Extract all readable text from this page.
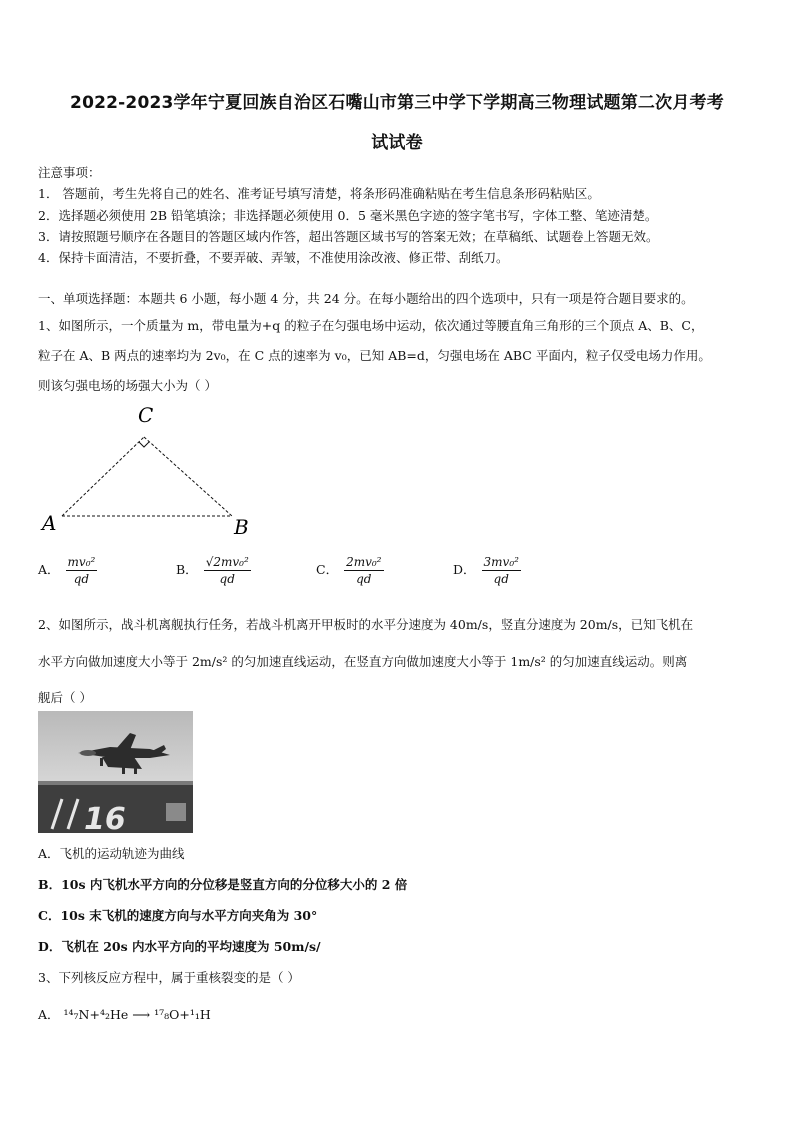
2022-2023学年宁夏回族自治区石嘴山市第三中学下学期高三物理试题第二次月考考
试试卷
注意事项：
1． 答题前，考生先将自己的姓名、准考证号填写清楚，将条形码准确粘贴在考生信息条形码粘贴区。
2．选择题必须使用 2B 铅笔填涂；非选择题必须使用 0．5 毫米黑色字迹的签字笔书写，字体工整、笔迹清楚。
3．请按照题号顺序在各题目的答题区域内作答，超出答题区域书写的答案无效；在草稿纸、试题卷上答题无效。
4．保持卡面清洁，不要折叠，不要弄破、弄皱，不准使用涂改液、修正带、刮纸刀。
一、单项选择题：本题共 6 小题，每小题 4 分，共 24 分。在每小题给出的四个选项中，只有一项是符合题目要求的。
1、如图所示，一个质量为 m，带电量为+q 的粒子在匀强电场中运动，依次通过等腰直角三角形的三个顶点 A、B、C，
粒子在 A、B 两点的速率均为 2v₀，在 C 点的速率为 v₀，已知 AB=d，匀强电场在 ABC 平面内，粒子仅受电场力作用。
则该匀强电场的场强大小为（ ）
C
A	B
A． $\frac{\text{mv₀²}}{qd}$	B． $\frac{\text{√2mv₀²}}{qd}$	C． $\frac{\text{2mv₀²}}{qd}$	D． $\frac{\text{3mv₀²}}{qd}$
2、如图所示，战斗机离舰执行任务，若战斗机离开甲板时的水平分速度为 40m/s，竖直分速度为 20m/s，已知飞机在
水平方向做加速度大小等于 2m/s² 的匀加速直线运动，在竖直方向做加速度大小等于 1m/s² 的匀加速直线运动。则离
舰后（ ）
16
A．飞机的运动轨迹为曲线
B．10s 内飞机水平方向的分位移是竖直方向的分位移大小的 2 倍
C．10s 末飞机的速度方向与水平方向夹角为 30°
D．飞机在 20s 内水平方向的平均速度为 50m/s/
3、下列核反应方程中，属于重核裂变的是（ ）
A． ¹⁴₇N+⁴₂He ⟶ ¹⁷₈O+¹₁H
